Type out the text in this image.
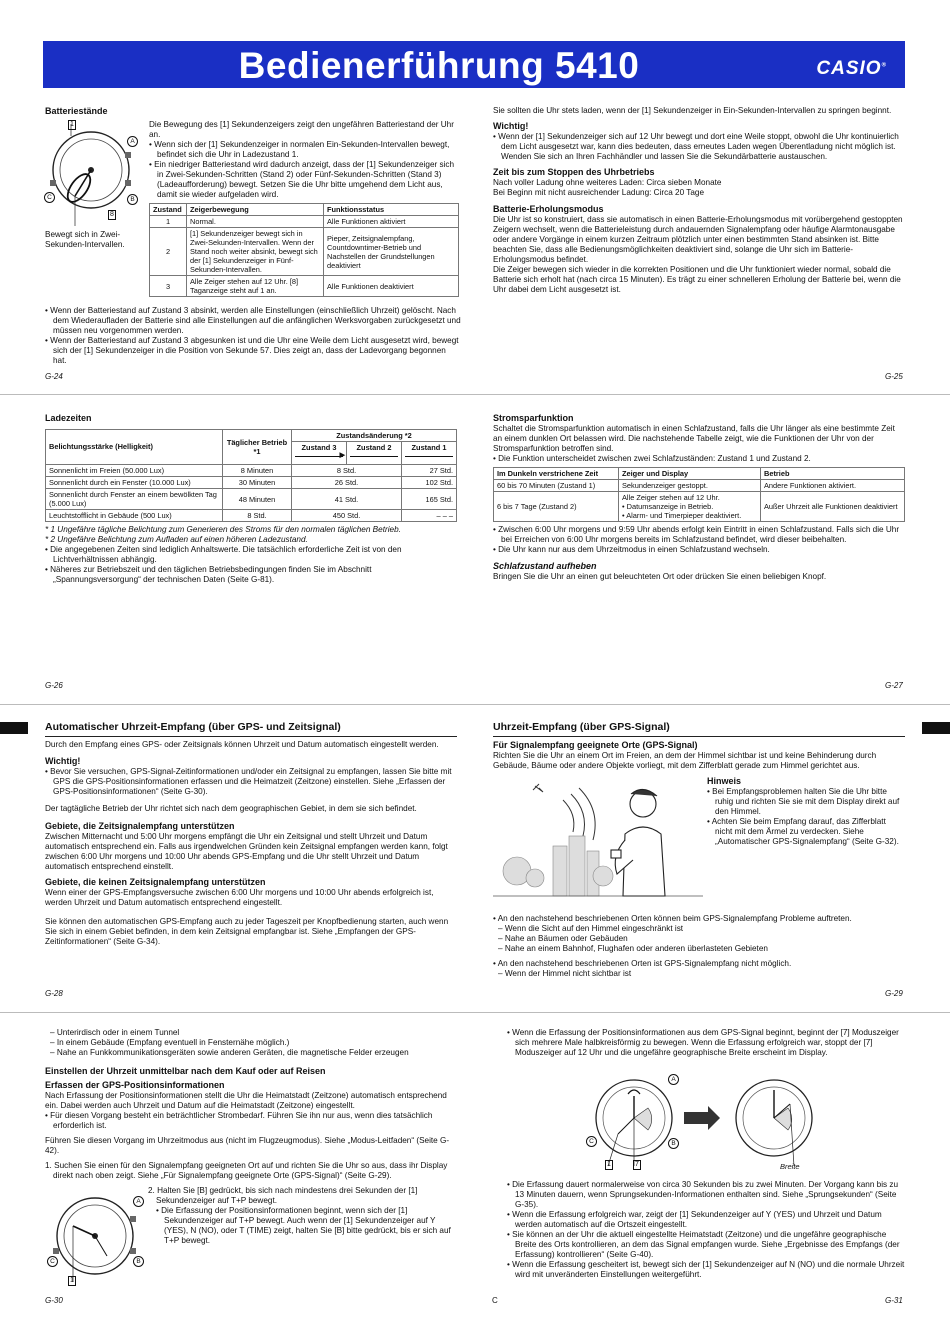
Bedienerführung 5410	CASIO®
Batteriestände
1
A
B
C
8
Bewegt sich in Zwei-Sekunden-Intervallen.

Die Bewegung des [1] Sekundenzeigers zeigt den ungefähren Batteriestand der Uhr an.

• Wenn sich der [1] Sekundenzeiger in normalen Ein-Sekunden-Intervallen bewegt, befindet sich die Uhr in Ladezustand 1.

• Ein niedriger Batteriestand wird dadurch anzeigt, dass der [1] Sekundenzeiger sich in Zwei-Sekunden-Schritten (Stand 2) oder Fünf-Sekunden-Schritten (Stand 3) (Ladeaufforderung) bewegt. Setzen Sie die Uhr bitte umgehend dem Licht aus, damit sie wieder aufgeladen wird.

Zustand	Zeigerbewegung	Funktionsstatus
1	Normal.	Alle Funktionen aktiviert
2	[1] Sekundenzeiger bewegt sich in Zwei-Sekunden-Intervallen. Wenn der Stand noch weiter absinkt, bewegt sich der [1] Sekundenzeiger in Fünf-Sekunden-Intervallen.	Pieper, Zeitsignalempfang, Countdowntimer-Betrieb und Nachstellen der Grundstellungen deaktiviert
3	Alle Zeiger stehen auf 12 Uhr. [8] Taganzeige steht auf 1 an.	Alle Funktionen deaktiviert

• Wenn der Batteriestand auf Zustand 3 absinkt, werden alle Einstellungen (einschließlich Uhrzeit) gelöscht. Nach dem Wiederaufladen der Batterie sind alle Einstellungen auf die anfänglichen Werksvorgaben zurückgesetzt und müssen neu vorgenommen werden.

• Wenn der Batteriestand auf Zustand 3 abgesunken ist und die Uhr eine Weile dem Licht ausgesetzt wird, bewegt sich der [1] Sekundenzeiger in die Position von Sekunde 57. Dies zeigt an, dass der Ladevorgang begonnen hat.

G-24

Sie sollten die Uhr stets laden, wenn der [1] Sekundenzeiger in Ein-Sekunden-Intervallen zu springen beginnt.

Wichtig!

• Wenn der [1] Sekundenzeiger sich auf 12 Uhr bewegt und dort eine Weile stoppt, obwohl die Uhr kontinuierlich dem Licht ausgesetzt war, kann dies bedeuten, dass erneutes Laden wegen Überentladung nicht möglich ist. Wenden Sie sich an Ihren Fachhändler und lassen Sie die Sekundärbatterie austauschen.

Zeit bis zum Stoppen des Uhrbetriebs

Nach voller Ladung ohne weiteres Laden: Circa sieben Monate

Bei Beginn mit nicht ausreichender Ladung: Circa 20 Tage

Batterie-Erholungsmodus

Die Uhr ist so konstruiert, dass sie automatisch in einen Batterie-Erholungsmodus mit vorübergehend gestoppten Zeigern wechselt, wenn die Batterieleistung durch andauernden Signalempfang oder häufige Alarmtonausgabe oder andere Vorgänge in einem kurzen Zeitraum plötzlich unter einen bestimmten Stand absinken ist. Bitte beachten Sie, dass alle Bedienungsmöglichkeiten deaktiviert sind, solange die Uhr sich im Batterie-Erholungsmodus befindet.

Die Zeiger bewegen sich wieder in die korrekten Positionen und die Uhr funktioniert wieder normal, sobald die Batterie sich erholt hat (nach circa 15 Minuten). Es trägt zu einer schnelleren Erholung der Batterie bei, wenn die Uhr dabei dem Licht ausgesetzt ist.

G-25
Ladezeiten
Belichtungsstärke (Helligkeit)	Täglicher Betrieb *1	Zustandsänderung *2		
		Zustand 3
▶	Zustand 2	Zustand 1

Sonnenlicht im Freien (50.000 Lux)	8 Minuten	8 Std.		27 Std.
Sonnenlicht durch ein Fenster (10.000 Lux)	30 Minuten	26 Std.		102 Std.
Sonnenlicht durch Fenster an einem bewölkten Tag (5.000 Lux)	48 Minuten	41 Std.		165 Std.
Leuchtstofflicht in Gebäude (500 Lux)	8 Std.	450 Std.		– – –

* 1 Ungefähre tägliche Belichtung zum Generieren des Stroms für den normalen täglichen Betrieb.

* 2 Ungefähre Belichtung zum Aufladen auf einen höheren Ladezustand.

• Die angegebenen Zeiten sind lediglich Anhaltswerte. Die tatsächlich erforderliche Zeit ist von den Lichtverhältnissen abhängig.

• Näheres zur Betriebszeit und den täglichen Betriebsbedingungen finden Sie im Abschnitt „Spannungsversorgung“ der technischen Daten (Seite G-81).

G-26
Stromsparfunktion

Schaltet die Stromsparfunktion automatisch in einen Schlafzustand, falls die Uhr länger als eine bestimmte Zeit an einem dunklen Ort belassen wird. Die nachstehende Tabelle zeigt, wie die Funktionen der Uhr von der Stromsparfunktion betroffen sind.

• Die Funktion unterscheidet zwischen zwei Schlafzuständen: Zustand 1 und Zustand 2.

Im Dunkeln verstrichene Zeit	Zeiger und Display	Betrieb
60 bis 70 Minuten (Zustand 1)	Sekundenzeiger gestoppt.	Andere Funktionen aktiviert.
6 bis 7 Tage (Zustand 2)	Alle Zeiger stehen auf 12 Uhr.
• Datumsanzeige in Betrieb.
• Alarm- und Timerpieper deaktiviert.	Außer Uhrzeit alle Funktionen deaktiviert

• Zwischen 6:00 Uhr morgens und 9:59 Uhr abends erfolgt kein Eintritt in einen Schlafzustand. Falls sich die Uhr bei Erreichen von 6:00 Uhr morgens bereits im Schlafzustand befindet, wird dieser beibehalten.

• Die Uhr kann nur aus dem Uhrzeitmodus in einen Schlafzustand wechseln.

Schlafzustand aufheben

Bringen Sie die Uhr an einen gut beleuchteten Ort oder drücken Sie einen beliebigen Knopf.

G-27
Automatischer Uhrzeit-Empfang (über GPS- und Zeitsignal)

Durch den Empfang eines GPS- oder Zeitsignals können Uhrzeit und Datum automatisch eingestellt werden.

Wichtig!

• Bevor Sie versuchen, GPS-Signal-Zeitinformationen und/oder ein Zeitsignal zu empfangen, lassen Sie bitte mit GPS die GPS-Positionsinformationen erfassen und die Heimatzeit (Zeitzone) einstellen. Siehe „Erfassen der GPS-Positionsinformationen“ (Seite G-30).

Der tagtägliche Betrieb der Uhr richtet sich nach dem geographischen Gebiet, in dem sie sich befindet.

Gebiete, die Zeitsignalempfang unterstützen

Zwischen Mitternacht und 5:00 Uhr morgens empfängt die Uhr ein Zeitsignal und stellt Uhrzeit und Datum automatisch entsprechend ein. Falls aus irgendwelchen Gründen kein Zeitsignal empfangen werden kann, folgt zwischen 6:00 Uhr morgens und 10:00 Uhr abends GPS-Empfang und die Uhr stellt Uhrzeit und Datum automatisch entsprechend einstellt.

Gebiete, die keinen Zeitsignalempfang unterstützen

Wenn einer der GPS-Empfangsversuche zwischen 6:00 Uhr morgens und 10:00 Uhr abends erfolgreich ist, werden Uhrzeit und Datum automatisch entsprechend eingestellt.

Sie können den automatischen GPS-Empfang auch zu jeder Tageszeit per Knopfbedienung starten, auch wenn Sie sich in einem Gebiet befinden, in dem kein Zeitsignal empfangbar ist. Siehe „Empfangen der GPS-Zeitinformationen“ (Seite G-34).

G-28
Uhrzeit-Empfang (über GPS-Signal)
Für Signalempfang geeignete Orte (GPS-Signal)

Richten Sie die Uhr an einem Ort im Freien, an dem der Himmel sichtbar ist und keine Behinderung durch Gebäude, Bäume oder andere Objekte vorliegt, mit dem Zifferblatt gerade zum Himmel gerichtet aus.

Hinweis

• Bei Empfangsproblemen halten Sie die Uhr bitte ruhig und richten Sie sie mit dem Display direkt auf den Himmel.

• Achten Sie beim Empfang darauf, das Zifferblatt nicht mit dem Ärmel zu verdecken. Siehe „Automatischer GPS-Signalempfang“ (Seite G-32).

• An den nachstehend beschriebenen Orten können beim GPS-Signalempfang Probleme auftreten.

– Wenn die Sicht auf den Himmel eingeschränkt ist

– Nahe an Bäumen oder Gebäuden

– Nahe an einem Bahnhof, Flughafen oder anderen überlasteten Gebieten

• An den nachstehend beschriebenen Orten ist GPS-Signalempfang nicht möglich.

– Wenn der Himmel nicht sichtbar ist

G-29

– Unterirdisch oder in einem Tunnel

– In einem Gebäude (Empfang eventuell in Fensternähe möglich.)

– Nahe an Funkkommunikationsgeräten sowie anderen Geräten, die magnetische Felder erzeugen

Einstellen der Uhrzeit unmittelbar nach dem Kauf oder auf Reisen
Erfassen der GPS-Positionsinformationen

Nach Erfassung der Positionsinformationen stellt die Uhr die Heimatstadt (Zeitzone) automatisch entsprechend ein. Dabei werden auch Uhrzeit und Datum auf die Heimatstadt (Zeitzone) eingestellt.

• Für diesen Vorgang besteht ein beträchtlicher Strombedarf. Führen Sie ihn nur aus, wenn dies tatsächlich erforderlich ist.

Führen Sie diesen Vorgang im Uhrzeitmodus aus (nicht im Flugzeugmodus). Siehe „Modus-Leitfaden“ (Seite G-42).

1. Suchen Sie einen für den Signalempfang geeigneten Ort auf und richten Sie die Uhr so aus, dass ihr Display direkt nach oben zeigt. Siehe „Für Signalempfang geeignete Orte (GPS-Signal)“ (Seite G-29).

A
B
C
1

2. Halten Sie [B] gedrückt, bis sich nach mindestens drei Sekunden der [1] Sekundenzeiger auf T+P bewegt.

• Die Erfassung der Positionsinformationen beginnt, wenn sich der [1] Sekundenzeiger auf T+P bewegt. Auch wenn der [1] Sekundenzeiger auf Y (YES), N (NO), oder T (TIME) zeigt, halten Sie [B] bitte gedrückt, bis er sich auf T+P bewegt.

G-30	C

• Wenn die Erfassung der Positionsinformationen aus dem GPS-Signal beginnt, beginnt der [7] Moduszeiger sich mehrere Male halbkreisförmig zu bewegen. Wenn die Erfassung erfolgreich war, stoppt der [7] Moduszeiger auf 12 Uhr und die ungefähre geographische Breite erscheint im Display.

A
B
C
1	7	Breite

• Die Erfassung dauert normalerweise von circa 30 Sekunden bis zu zwei Minuten. Der Vorgang kann bis zu 13 Minuten dauern, wenn Sprungsekunden-Informationen enthalten sind. Siehe „Sprungsekunden“ (Seite G-35).

• Wenn die Erfassung erfolgreich war, zeigt der [1] Sekundenzeiger auf Y (YES) und Uhrzeit und Datum werden automatisch auf die Ortszeit eingestellt.

• Sie können an der Uhr die aktuell eingestellte Heimatstadt (Zeitzone) und die ungefähre geographische Breite des Orts kontrollieren, an dem das Signal empfangen wurde. Siehe „Ergebnisse des Empfangs (der Erfassung) kontrollieren“ (Seite G-40).

• Wenn die Erfassung gescheitert ist, bewegt sich der [1] Sekundenzeiger auf N (NO) und die normale Uhrzeit wird mit unveränderten Einstellungen weitergeführt.

G-31
